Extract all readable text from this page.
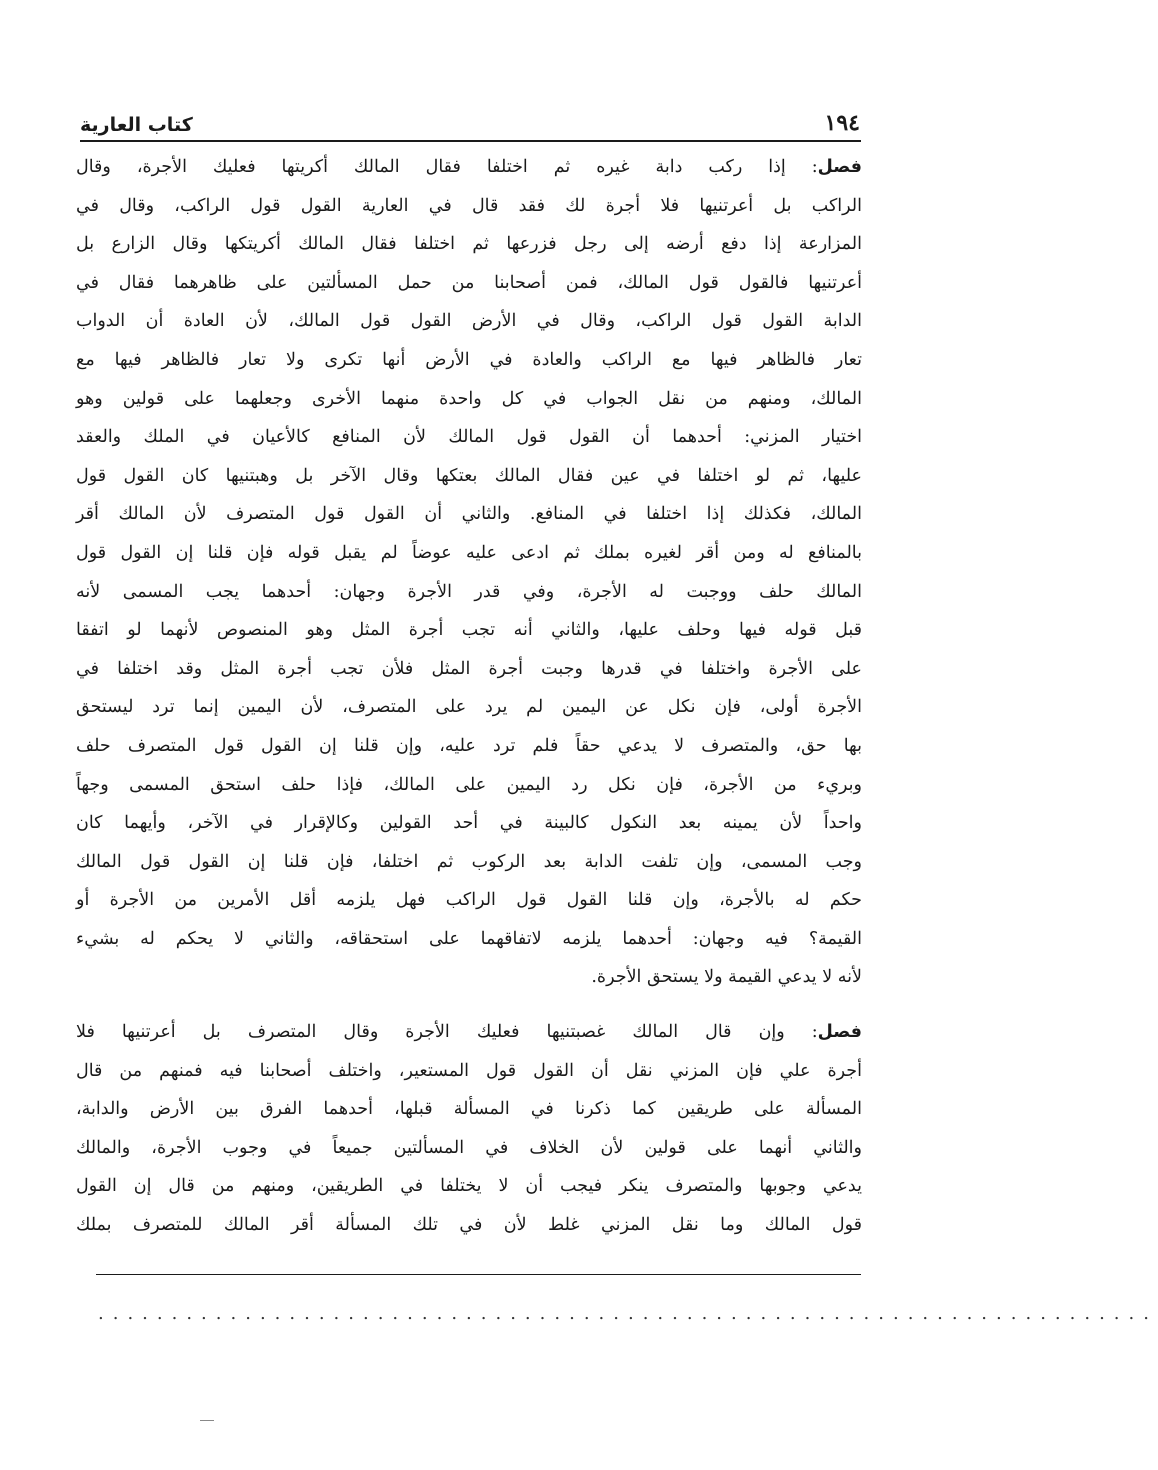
١٩٤
كتاب العارية
فصل: إذا ركب دابة غيره ثم اختلفا فقال المالك أكريتها فعليك الأجرة، وقال
الراكب بل أعرتنيها فلا أجرة لك فقد قال في العارية القول قول الراكب، وقال في
المزارعة إذا دفع أرضه إلى رجل فزرعها ثم اختلفا فقال المالك أكريتكها وقال الزارع بل
أعرتنيها فالقول قول المالك، فمن أصحابنا من حمل المسألتين على ظاهرهما فقال في
الدابة القول قول الراكب، وقال في الأرض القول قول المالك، لأن العادة أن الدواب
تعار فالظاهر فيها مع الراكب والعادة في الأرض أنها تكرى ولا تعار فالظاهر فيها مع
المالك، ومنهم من نقل الجواب في كل واحدة منهما الأخرى وجعلهما على قولين وهو
اختيار المزني: أحدهما أن القول قول المالك لأن المنافع كالأعيان في الملك والعقد
عليها، ثم لو اختلفا في عين فقال المالك بعتكها وقال الآخر بل وهبتنيها كان القول قول
المالك، فكذلك إذا اختلفا في المنافع. والثاني أن القول قول المتصرف لأن المالك أقر
بالمنافع له ومن أقر لغيره بملك ثم ادعى عليه عوضاً لم يقبل قوله فإن قلنا إن القول قول
المالك حلف ووجبت له الأجرة، وفي قدر الأجرة وجهان: أحدهما يجب المسمى لأنه
قبل قوله فيها وحلف عليها، والثاني أنه تجب أجرة المثل وهو المنصوص لأنهما لو اتفقا
على الأجرة واختلفا في قدرها وجبت أجرة المثل فلأن تجب أجرة المثل وقد اختلفا في
الأجرة أولى، فإن نكل عن اليمين لم يرد على المتصرف، لأن اليمين إنما ترد ليستحق
بها حق، والمتصرف لا يدعي حقاً فلم ترد عليه، وإن قلنا إن القول قول المتصرف حلف
وبريء من الأجرة، فإن نكل رد اليمين على المالك، فإذا حلف استحق المسمى وجهاً
واحداً لأن يمينه بعد النكول كالبينة في أحد القولين وكالإقرار في الآخر، وأيهما كان
وجب المسمى، وإن تلفت الدابة بعد الركوب ثم اختلفا، فإن قلنا إن القول قول المالك
حكم له بالأجرة، وإن قلنا القول قول الراكب فهل يلزمه أقل الأمرين من الأجرة أو
القيمة؟ فيه وجهان: أحدهما يلزمه لاتفاقهما على استحقاقه، والثاني لا يحكم له بشيء
لأنه لا يدعي القيمة ولا يستحق الأجرة.
فصل: وإن قال المالك غصبتنيها فعليك الأجرة وقال المتصرف بل أعرتنيها فلا
أجرة علي فإن المزني نقل أن القول قول المستعير، واختلف أصحابنا فيه فمنهم من قال
المسألة على طريقين كما ذكرنا في المسألة قبلها، أحدهما الفرق بين الأرض والدابة،
والثاني أنهما على قولين لأن الخلاف في المسألتين جميعاً في وجوب الأجرة، والمالك
يدعي وجوبها والمتصرف ينكر فيجب أن لا يختلفا في الطريقين، ومنهم من قال إن القول
قول المالك وما نقل المزني غلط لأن في تلك المسألة أقر المالك للمتصرف بملك
........................................................................
